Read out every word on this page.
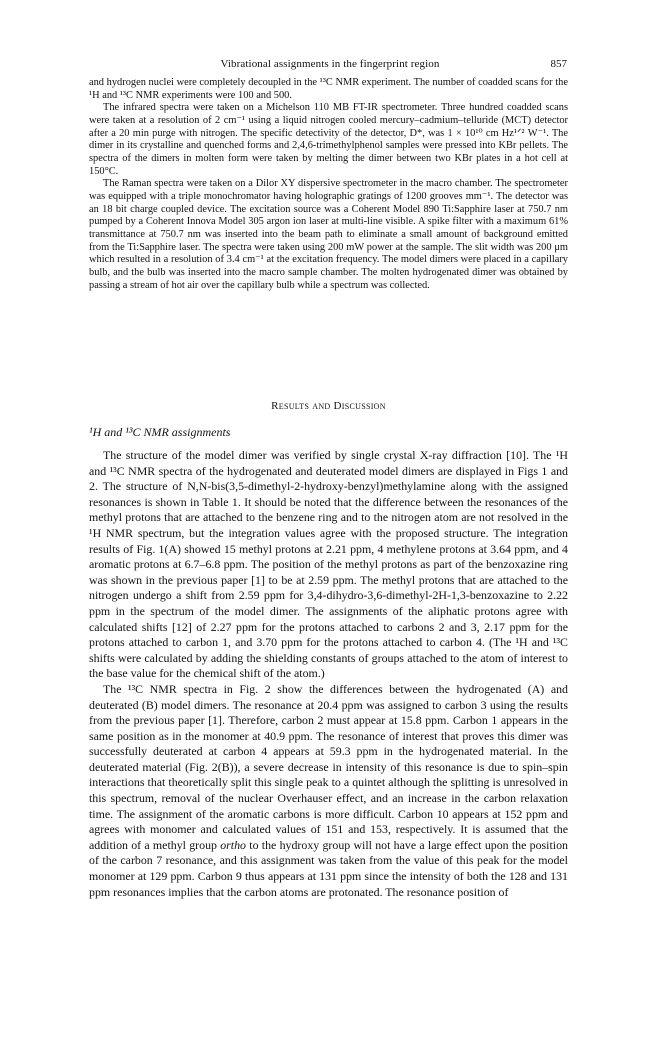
Vibrational assignments in the fingerprint region	857

and hydrogen nuclei were completely decoupled in the ¹³C NMR experiment. The number of coadded scans for the ¹H and ¹³C NMR experiments were 100 and 500.

The infrared spectra were taken on a Michelson 110 MB FT-IR spectrometer. Three hundred coadded scans were taken at a resolution of 2 cm⁻¹ using a liquid nitrogen cooled mercury–cadmium–telluride (MCT) detector after a 20 min purge with nitrogen. The specific detectivity of the detector, D*, was 1 × 10¹⁰ cm Hz¹ᐟ² W⁻¹. The dimer in its crystalline and quenched forms and 2,4,6-trimethylphenol samples were pressed into KBr pellets. The spectra of the dimers in molten form were taken by melting the dimer between two KBr plates in a hot cell at 150°C.

The Raman spectra were taken on a Dilor XY dispersive spectrometer in the macro chamber. The spectrometer was equipped with a triple monochromator having holographic gratings of 1200 grooves mm⁻¹. The detector was an 18 bit charge coupled device. The excitation source was a Coherent Model 890 Ti:Sapphire laser at 750.7 nm pumped by a Coherent Innova Model 305 argon ion laser at multi-line visible. A spike filter with a maximum 61% transmittance at 750.7 nm was inserted into the beam path to eliminate a small amount of background emitted from the Ti:Sapphire laser. The spectra were taken using 200 mW power at the sample. The slit width was 200 μm which resulted in a resolution of 3.4 cm⁻¹ at the excitation frequency. The model dimers were placed in a capillary bulb, and the bulb was inserted into the macro sample chamber. The molten hydrogenated dimer was obtained by passing a stream of hot air over the capillary bulb while a spectrum was collected.

Results and Discussion
¹H and ¹³C NMR assignments

The structure of the model dimer was verified by single crystal X-ray diffraction [10]. The ¹H and ¹³C NMR spectra of the hydrogenated and deuterated model dimers are displayed in Figs 1 and 2. The structure of N,N-bis(3,5-dimethyl-2-hydroxy-benzyl)methylamine along with the assigned resonances is shown in Table 1. It should be noted that the difference between the resonances of the methyl protons that are attached to the benzene ring and to the nitrogen atom are not resolved in the ¹H NMR spectrum, but the integration values agree with the proposed structure. The integration results of Fig. 1(A) showed 15 methyl protons at 2.21 ppm, 4 methylene protons at 3.64 ppm, and 4 aromatic protons at 6.7–6.8 ppm. The position of the methyl protons as part of the benzoxazine ring was shown in the previous paper [1] to be at 2.59 ppm. The methyl protons that are attached to the nitrogen undergo a shift from 2.59 ppm for 3,4-dihydro-3,6-dimethyl-2H-1,3-benzoxazine to 2.22 ppm in the spectrum of the model dimer. The assignments of the aliphatic protons agree with calculated shifts [12] of 2.27 ppm for the protons attached to carbons 2 and 3, 2.17 ppm for the protons attached to carbon 1, and 3.70 ppm for the protons attached to carbon 4. (The ¹H and ¹³C shifts were calculated by adding the shielding constants of groups attached to the atom of interest to the base value for the chemical shift of the atom.)

The ¹³C NMR spectra in Fig. 2 show the differences between the hydrogenated (A) and deuterated (B) model dimers. The resonance at 20.4 ppm was assigned to carbon 3 using the results from the previous paper [1]. Therefore, carbon 2 must appear at 15.8 ppm. Carbon 1 appears in the same position as in the monomer at 40.9 ppm. The resonance of interest that proves this dimer was successfully deuterated at carbon 4 appears at 59.3 ppm in the hydrogenated material. In the deuterated material (Fig. 2(B)), a severe decrease in intensity of this resonance is due to spin–spin interactions that theoretically split this single peak to a quintet although the splitting is unresolved in this spectrum, removal of the nuclear Overhauser effect, and an increase in the carbon relaxation time. The assignment of the aromatic carbons is more difficult. Carbon 10 appears at 152 ppm and agrees with monomer and calculated values of 151 and 153, respectively. It is assumed that the addition of a methyl group ortho to the hydroxy group will not have a large effect upon the position of the carbon 7 resonance, and this assignment was taken from the value of this peak for the model monomer at 129 ppm. Carbon 9 thus appears at 131 ppm since the intensity of both the 128 and 131 ppm resonances implies that the carbon atoms are protonated. The resonance position of
